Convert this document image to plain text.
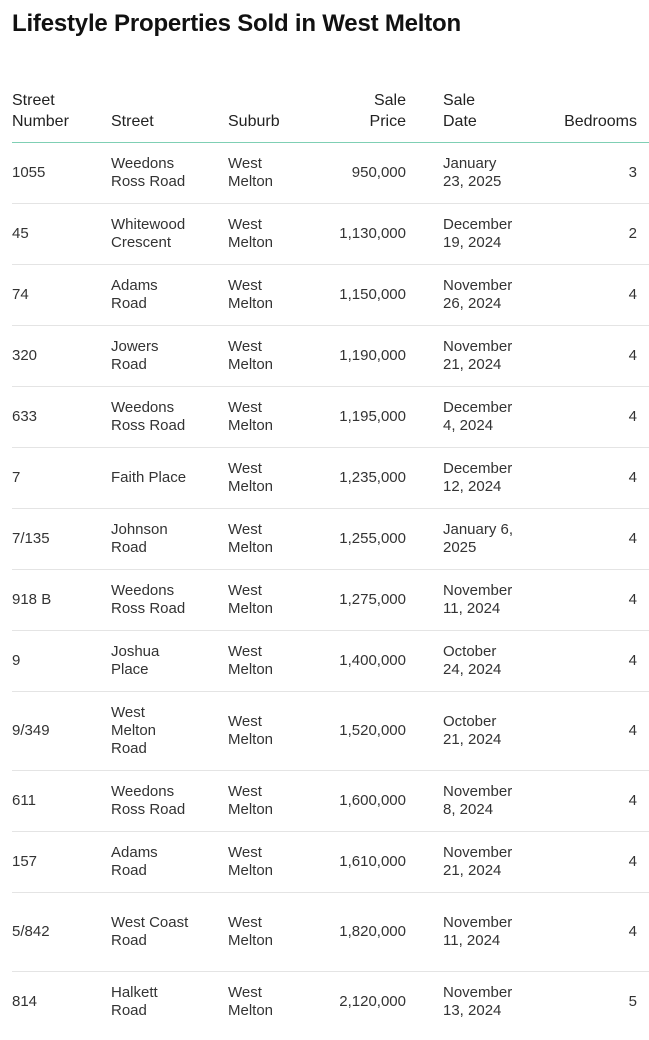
Lifestyle Properties Sold in West Melton
Street Number	Street	Suburb	Sale Price	Sale Date	Bedrooms	
1055	Weedons Ross Road	West Melton	950,000	January 23, 2025	3	
45	Whitewood Crescent	West Melton	1,130,000	December 19, 2024	2	
74	Adams Road	West Melton	1,150,000	November 26, 2024	4	
320	Jowers Road	West Melton	1,190,000	November 21, 2024	4	
633	Weedons Ross Road	West Melton	1,195,000	December 4, 2024	4	
7	Faith Place	West Melton	1,235,000	December 12, 2024	4	
7/135	Johnson Road	West Melton	1,255,000	January 6, 2025	4	
918 B	Weedons Ross Road	West Melton	1,275,000	November 11, 2024	4	
9	Joshua Place	West Melton	1,400,000	October 24, 2024	4	
9/349	West Melton Road	West Melton	1,520,000	October 21, 2024	4	
611	Weedons Ross Road	West Melton	1,600,000	November 8, 2024	4	
157	Adams Road	West Melton	1,610,000	November 21, 2024	4	
5/842	West Coast Road	West Melton	1,820,000	November 11, 2024	4	
814	Halkett Road	West Melton	2,120,000	November 13, 2024	5	
